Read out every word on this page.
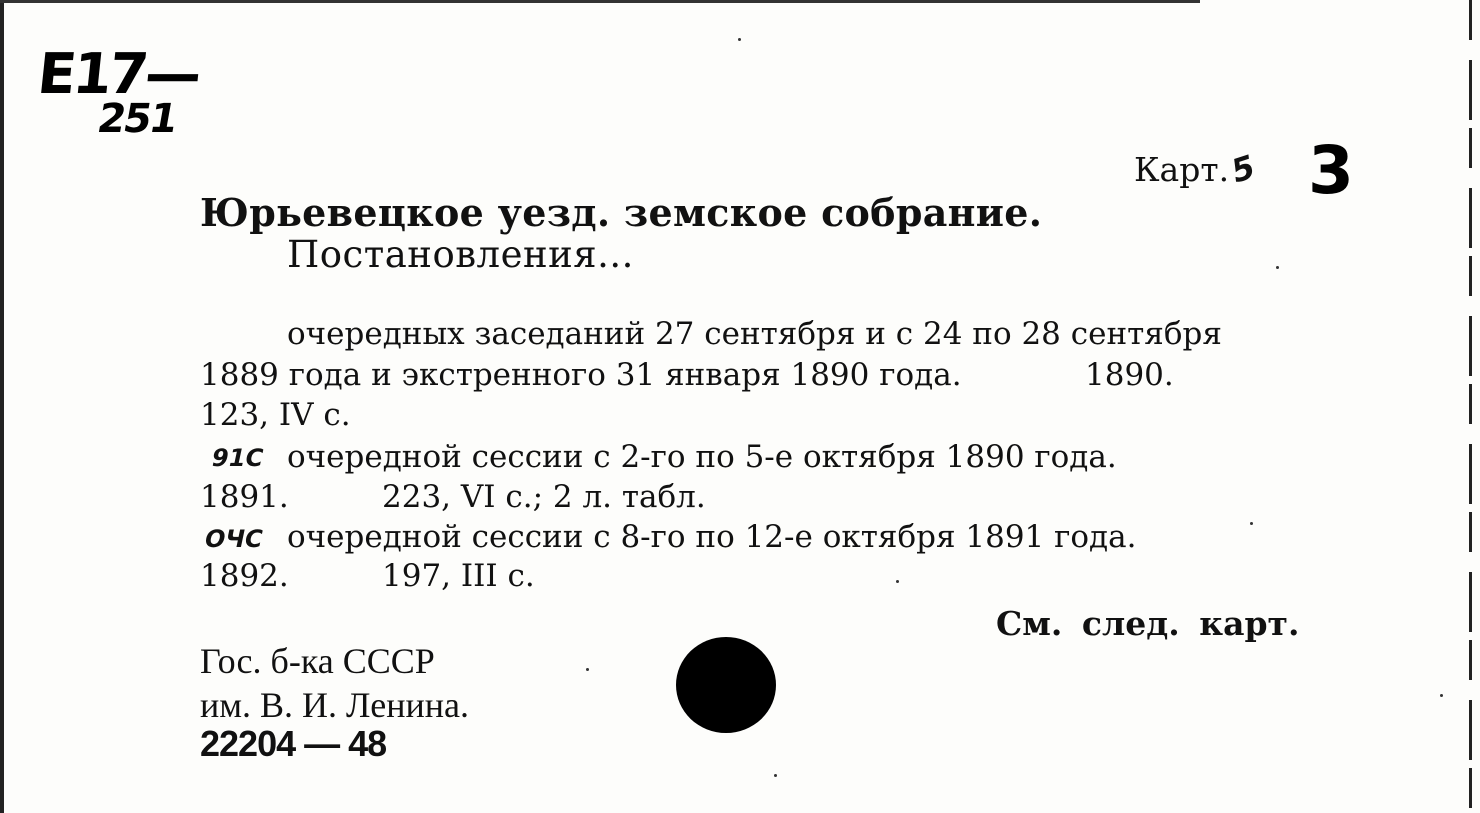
E17—
251
Карт.
5 3
Юрьевецкое уезд. земское собрание.
Постановления...
очередных заседаний 27 сентября и с 24 по 28 сентября
1889 года и экстренного 31 января 1890 года.	1890.
123, IV с.
91С очередной сессии с 2-го по 5-е октября 1890 года.
1891.	223, VI с.; 2 л. табл.
ОЧС очередной сессии с 8-го по 12-е октября 1891 года.
1892.	197, III с.
См. след. карт.
Гос. б-ка СССР
им. В. И. Ленина.
22204 — 48
